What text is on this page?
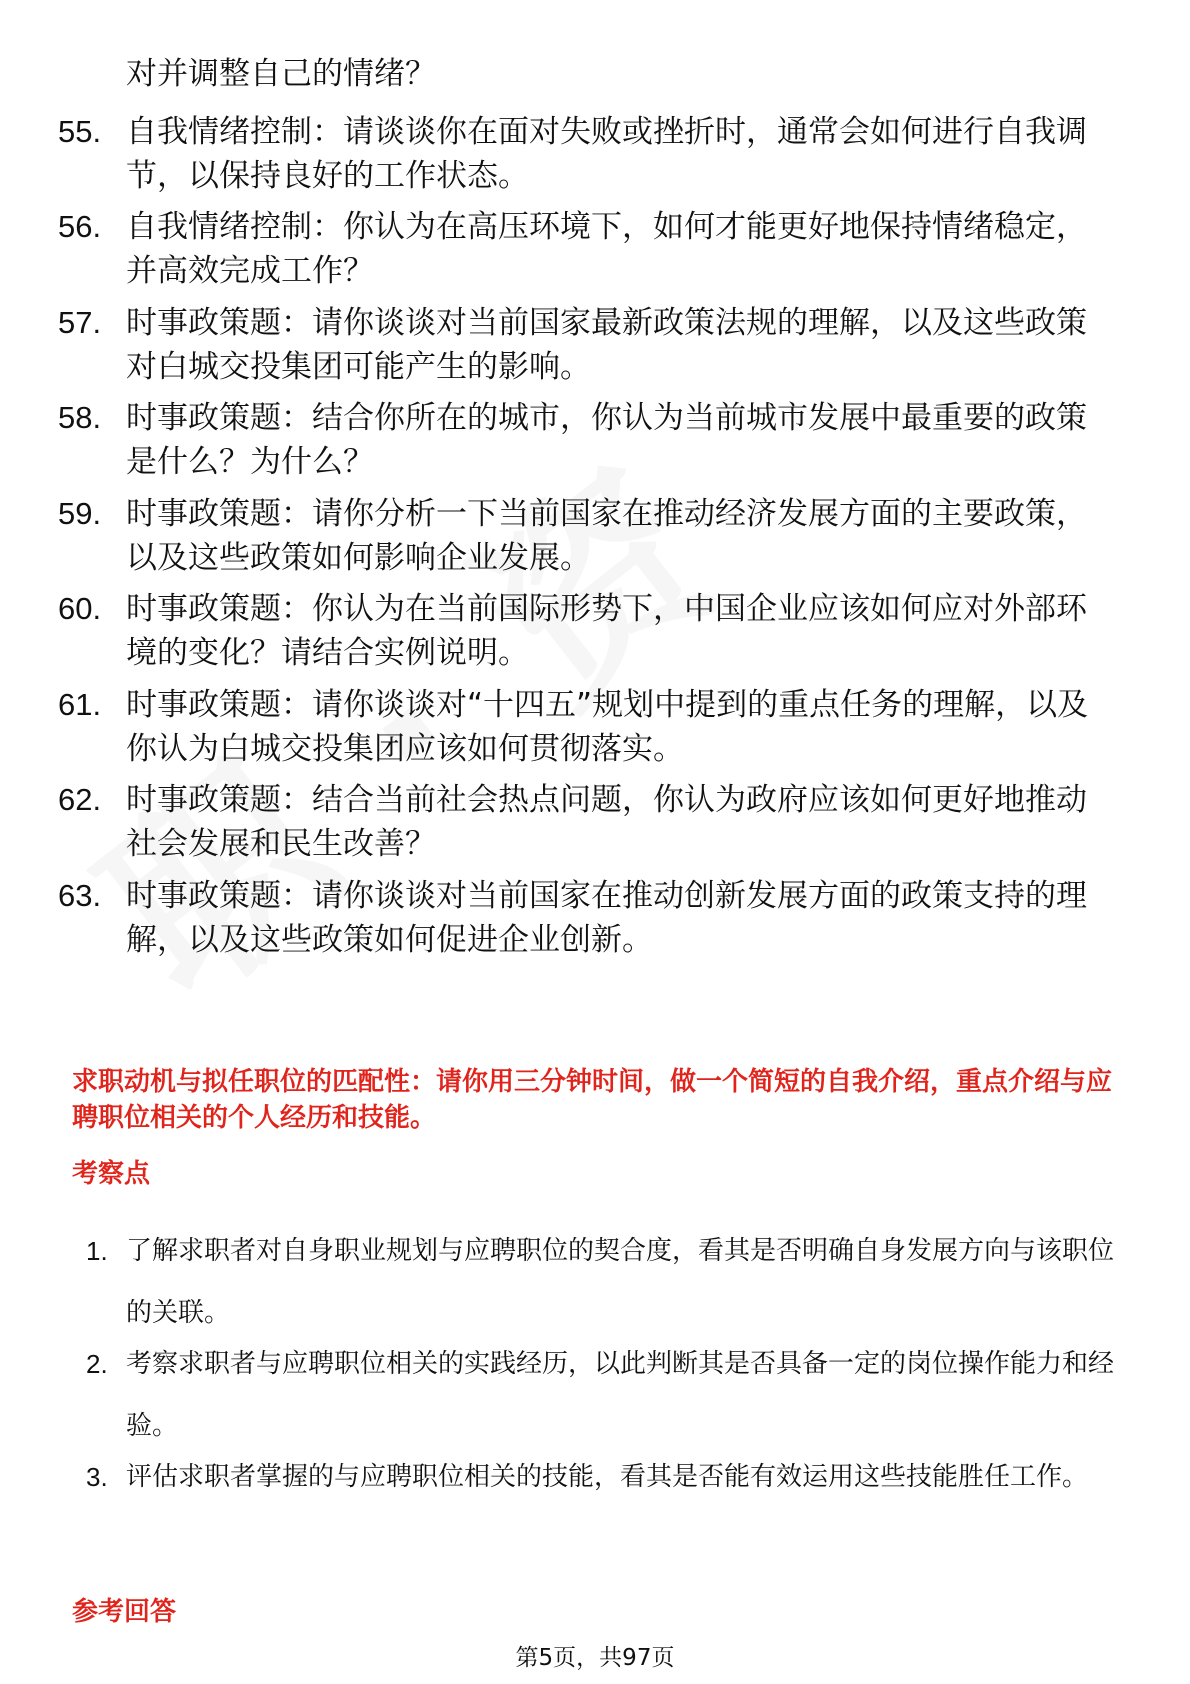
对并调整自己的情绪？
55. 自我情绪控制：请谈谈你在面对失败或挫折时，通常会如何进行自我调节，以保持良好的工作状态。
56. 自我情绪控制：你认为在高压环境下，如何才能更好地保持情绪稳定，并高效完成工作？
57. 时事政策题：请你谈谈对当前国家最新政策法规的理解，以及这些政策对白城交投集团可能产生的影响。
58. 时事政策题：结合你所在的城市，你认为当前城市发展中最重要的政策是什么？为什么？
59. 时事政策题：请你分析一下当前国家在推动经济发展方面的主要政策，以及这些政策如何影响企业发展。
60. 时事政策题：你认为在当前国际形势下，中国企业应该如何应对外部环境的变化？请结合实例说明。
61. 时事政策题：请你谈谈对“十四五”规划中提到的重点任务的理解，以及你认为白城交投集团应该如何贯彻落实。
62. 时事政策题：结合当前社会热点问题，你认为政府应该如何更好地推动社会发展和民生改善？
63. 时事政策题：请你谈谈对当前国家在推动创新发展方面的政策支持的理解，以及这些政策如何促进企业创新。
求职动机与拟任职位的匹配性：请你用三分钟时间，做一个简短的自我介绍，重点介绍与应聘职位相关的个人经历和技能。
考察点
1. 了解求职者对自身职业规划与应聘职位的契合度，看其是否明确自身发展方向与该职位的关联。
2. 考察求职者与应聘职位相关的实践经历，以此判断其是否具备一定的岗位操作能力和经验。
3. 评估求职者掌握的与应聘职位相关的技能，看其是否能有效运用这些技能胜任工作。
参考回答
第5页，共97页
